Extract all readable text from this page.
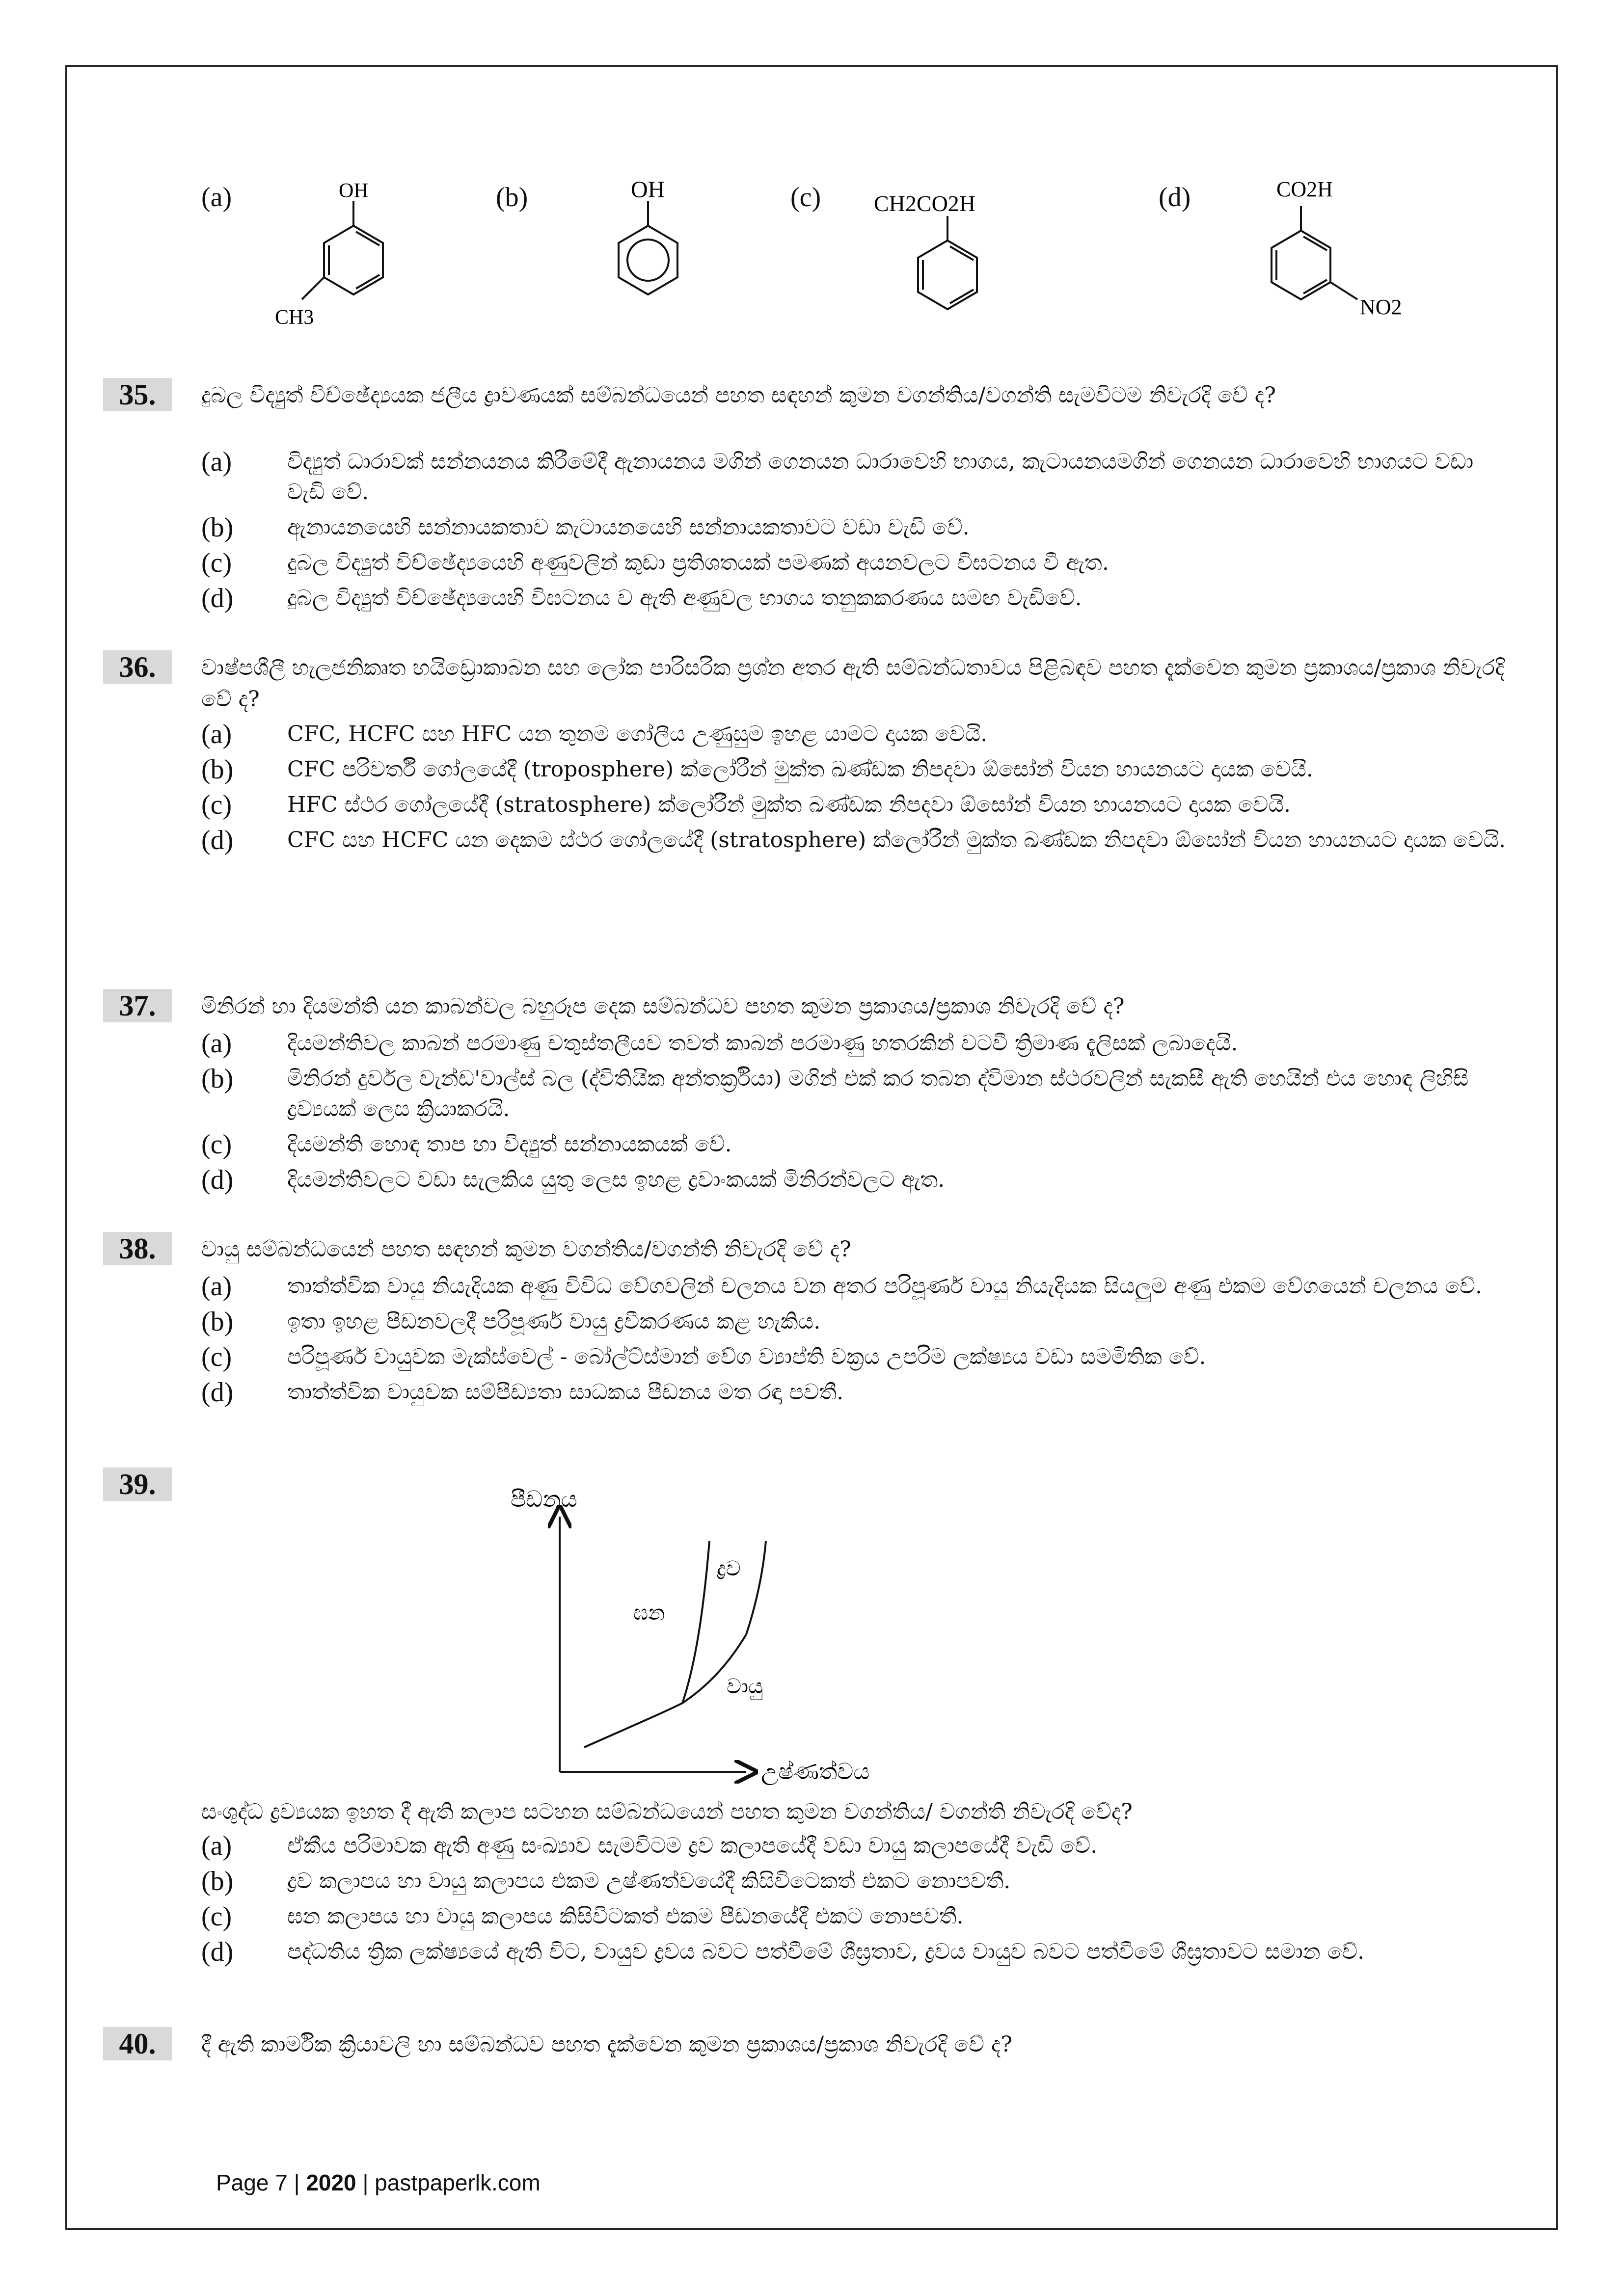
(a)	OH
CH3
(b)	OH	(c) CH2CO2H	(d)	CO2H
NO2
35.	දුබල විද්‍යුත් විච්ඡේද්‍යයක ජලීය ද්‍රාවණයක් සම්බන්ධයෙන් පහත සඳහන් කුමන වගන්තිය/වගන්ති සැමවිටම නිවැරදි වේ ද?
(a)	විද්‍යුත් ධාරාවක් සන්නයනය කිරීමේදී ඇනායනය මගින් ගෙනයන ධාරාවෙහි භාගය, කැටායනයමගින් ගෙනයන ධාරාවෙහි භාගයට වඩා වැඩි වේ.
(b) ඇනායනයෙහි සන්නායකතාව කැටායනයෙහි සන්නායකතාවට වඩා වැඩි වේ.
(c)	දුබල විද්‍යුත් විච්ඡේද්‍යයෙහි අණුවලින් කුඩා ප්‍රතිශතයක් පමණක් අයනවලට විඝටනය වී ඇත.
(d) දුබල විද්‍යුත් විච්ඡේද්‍යයෙහි විඝටනය ව ඇති අණුවල භාගය තනුකකරණය සමඟ වැඩිවේ.
36.	වාෂ්පශීලී හැලජනිකෘත හයිඩ්‍රොකාබන සහ ලෝක පාරිසරික ප්‍රශ්න අතර ඇති සම්බන්ධතාවය පිළිබඳව පහත දැක්වෙන කුමන ප්‍රකාශය/ප්‍රකාශ නිවැරදි වේ ද?
(a)	CFC, HCFC සහ HFC යන තුනම ගෝලීය උණුසුම ඉහළ යාමට දායක වෙයි.
(b) CFC පරිවර්තී ගෝලයේදී (troposphere) ක්ලෝරීන් මුක්ත ඛණ්ඩක නිපදවා ඕසෝන් වියන හායනයට දායක වෙයි.
(c)	HFC ස්ථර ගෝලයේදී (stratosphere) ක්ලෝරීන් මුක්ත ඛණ්ඩක නිපදවා ඕසෝන් වියන හායනයට දායක වෙයි.
(d) CFC සහ HCFC යන දෙකම ස්ථර ගෝලයේදී (stratosphere) ක්ලෝරීන් මුක්ත ඛණ්ඩක නිපදවා ඕසෝන් වියන හායනයට දායක වෙයි.
37.	මිනිරන් හා දියමන්ති යන කාබන්වල බහුරූප දෙක සම්බන්ධව පහත කුමන ප්‍රකාශය/ප්‍රකාශ නිවැරදි වේ ද?
(a)	දියමන්තිවල කාබන් පරමාණු චතුස්තලීයව තවත් කාබන් පරමාණු හතරකින් වටවී ත්‍රිමාණ දැලිසක් ලබාදෙයි.
(b) මිනිරන් දුර්වල වැන්ඩ'වාල්ස් බල (ද්විතියික අන්තර්ක්‍රියා) මගින් එක් කර තබන ද්විමාන ස්ථරවලින් සැකසී ඇති හෙයින් එය හොඳ ලිහිසි ද්‍රව්‍යයක් ලෙස ක්‍රියාකරයි.
(c)	දියමන්ති හොඳ තාප හා විද්‍යුත් සන්නායකයක් වේ.
(d) දියමන්තිවලට වඩා සැලකිය යුතු ලෙස ඉහළ ද්‍රවාංකයක් මිනිරන්වලට ඇත.
38.	වායු සම්බන්ධයෙන් පහත සඳහන් කුමන වගන්තිය/වගන්ති නිවැරදි වේ ද?
(a)	තාත්ත්වික වායු නියැදියක අණු විවිධ වේගවලින් චලනය වන අතර පරිපූර්ණ වායු නියැදියක සියලුම අණු එකම වේගයෙන් චලනය වේ.
(b) ඉතා ඉහළ පීඩනවලදී පරිපූර්ණ වායු ද්‍රවීකරණය කළ හැකිය.
(c)	පරිපූර්ණ වායුවක මැක්ස්වෙල් - බෝල්ට්ස්මාන් වේග ව්‍යාප්ති වක්‍රය උපරිම ලක්ෂ්‍යය වඩා සමමිතික වේ.
(d) තාත්ත්වික වායුවක සම්පීඩ්‍යතා සාධකය පීඩනය මත රඳා පවතී.
39.	පීඩනය
උෂ්ණත්වය
ඝන
ද්‍රව
වායු
සංශුද්ධ ද්‍රව්‍යයක ඉහත දී ඇති කලාප සටහන සම්බන්ධයෙන් පහත කුමන වගන්තිය/ වගන්ති නිවැරදි වේද?
(a)	ඒකීය පරිමාවක ඇති අණු සංඛ්‍යාව සැමවිටම ද්‍රව කලාපයේදී වඩා වායු කලාපයේදී වැඩි වේ.
(b) ද්‍රව කලාපය හා වායු කලාපය එකම උෂ්ණත්වයේදී කිසිවිටෙකත් එකට නොපවතී.
(c)	ඝන කලාපය හා වායු කලාපය කිසිවිටකත් එකම පීඩනයේදී එකට නොපවතී.
(d) පද්ධතිය ත්‍රික ලක්ෂ්‍යයේ ඇති විට, වායුව ද්‍රවය බවට පත්වීමේ ශීඝ්‍රතාව, ද්‍රවය වායුව බවට පත්වීමේ ශීඝ්‍රතාවට සමාන වේ.
40.	දී ඇති කාර්මික ක්‍රියාවලි හා සම්බන්ධව පහත දැක්වෙන කුමන ප්‍රකාශය/ප්‍රකාශ නිවැරදි වේ ද?
Page 7 | 2020 | pastpaperlk.com
